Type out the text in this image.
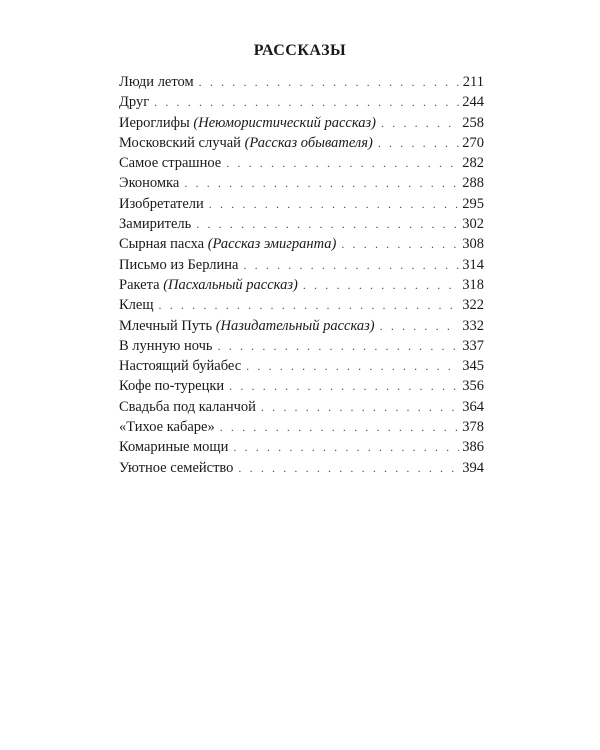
РАССКАЗЫ
Люди летом . . .	211
Друг . . .	244
Иероглифы (Неюмористический рассказ) . . .	258
Московский случай (Рассказ обывателя) . . .	270
Самое страшное . . .	282
Экономка . . .	288
Изобретатели . . .	295
Замиритель . . .	302
Сырная пасха (Рассказ эмигранта) . . .	308
Письмо из Берлина . . .	314
Ракета (Пасхальный рассказ) . . .	318
Клещ . . .	322
Млечный Путь (Назидательный рассказ) . . .	332
В лунную ночь . . .	337
Настоящий буйабес . . .	345
Кофе по-турецки . . .	356
Свадьба под каланчой . . .	364
«Тихое кабаре» . . .	378
Комариные мощи . . .	386
Уютное семейство . . .	394
